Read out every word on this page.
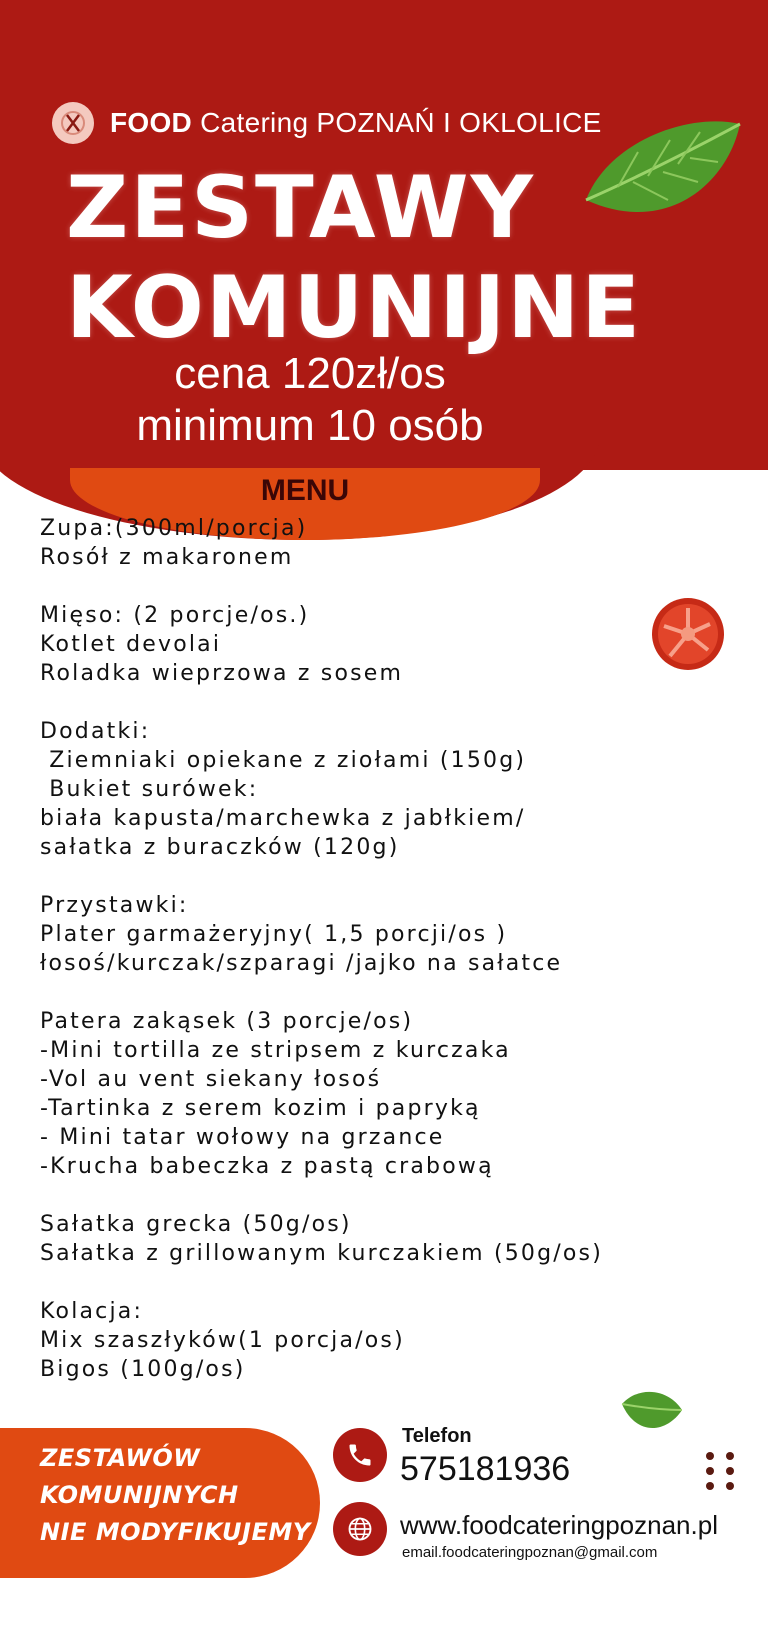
FOOD Catering POZNAŃ I OKLOLICE
ZESTAWY
KOMUNIJNE
cena 120zł/os
minimum 10 osób
MENU
Zupa:(300ml/porcja)
Rosół z makaronem
Mięso: (2 porcje/os.)
Kotlet devolai
Roladka wieprzowa z sosem
Dodatki:
Ziemniaki opiekane z ziołami (150g)
Bukiet surówek:
biała kapusta/marchewka z jabłkiem/
sałatka z buraczków (120g)
Przystawki:
Plater garmażeryjny( 1,5 porcji/os )
łosoś/kurczak/szparagi /jajko na sałatce
Patera zakąsek (3 porcje/os)
-Mini tortilla ze stripsem z kurczaka
-Vol au vent siekany łosoś
-Tartinka z serem kozim i papryką
- Mini tatar wołowy na grzance
-Krucha babeczka z pastą crabową
Sałatka grecka (50g/os)
Sałatka z grillowanym kurczakiem (50g/os)
Kolacja:
Mix szaszłyków(1 porcja/os)
Bigos (100g/os)
ZESTAWÓW
KOMUNIJNYCH
NIE MODYFIKUJEMY
Telefon
575181936
www.foodcateringpoznan.pl
email.foodcateringpoznan@gmail.com
